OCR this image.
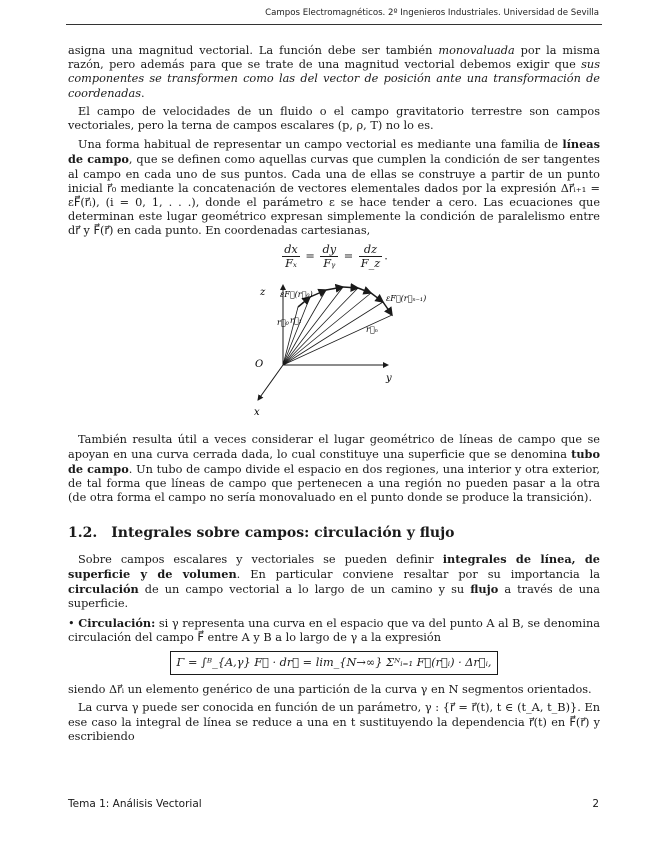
Campos Electromagnéticos. 2º Ingenieros Industriales. Universidad de Sevilla

asigna una magnitud vectorial. La función debe ser también monovaluada por la misma razón, pero además para que se trate de una magnitud vectorial debemos exigir que sus componentes se transformen como las del vector de posición ante una transformación de coordenadas.

El campo de velocidades de un fluido o el campo gravitatorio terrestre son campos vectoriales, pero la terna de campos escalares (p, ρ, T) no lo es.

Una forma habitual de representar un campo vectorial es mediante una familia de líneas de campo, que se definen como aquellas curvas que cumplen la condición de ser tangentes al campo en cada uno de sus puntos. Cada una de ellas se construye a partir de un punto inicial r⃗₀ mediante la concatenación de vectores elementales dados por la expresión Δr⃗ᵢ₊₁ = εF⃗(r⃗ᵢ), (i = 0, 1, . . .), donde el parámetro ε se hace tender a cero. Las ecuaciones que determinan este lugar geométrico expresan simplemente la condición de paralelismo entre dr⃗ y F⃗(r⃗) en cada punto. En coordenadas cartesianas,

$\frac{dx}{\text{Fₓ}} = \frac{dy}{\text{Fᵧ}} = \frac{dz}{F\_z}$ .
z
y
x
O
r⃗₀ r⃗₁
εF⃗(r⃗₀)	εF⃗(r⃗ₙ₋₁)
r⃗ₙ

También resulta útil a veces considerar el lugar geométrico de líneas de campo que se apoyan en una curva cerrada dada, lo cual constituye una superficie que se denomina tubo de campo. Un tubo de campo divide el espacio en dos regiones, una interior y otra exterior, de tal forma que líneas de campo que pertenecen a una región no pueden pasar a la otra (de otra forma el campo no sería monovaluado en el punto donde se produce la transición).

1.2. Integrales sobre campos: circulación y flujo

Sobre campos escalares y vectoriales se pueden definir integrales de línea, de superficie y de volumen. En particular conviene resaltar por su importancia la circulación de un campo vectorial a lo largo de un camino y su flujo a través de una superficie.

• Circulación: si γ representa una curva en el espacio que va del punto A al B, se denomina circulación del campo F⃗ entre A y B a lo largo de γ a la expresión

Γ = ∫ᴮ_{A,γ} F⃗ · dr⃗ = lim_{N→∞} Σᴺᵢ₌₁ F⃗(r⃗ᵢ) · Δr⃗ᵢ,

siendo Δr⃗ᵢ un elemento genérico de una partición de la curva γ en N segmentos orientados.

La curva γ puede ser conocida en función de un parámetro, γ : {r⃗ = r⃗(t), t ∈ (t_A, t_B)}. En ese caso la integral de línea se reduce a una en t sustituyendo la dependencia r⃗(t) en F⃗(r⃗) y escribiendo

Tema 1: Análisis Vectorial	2
